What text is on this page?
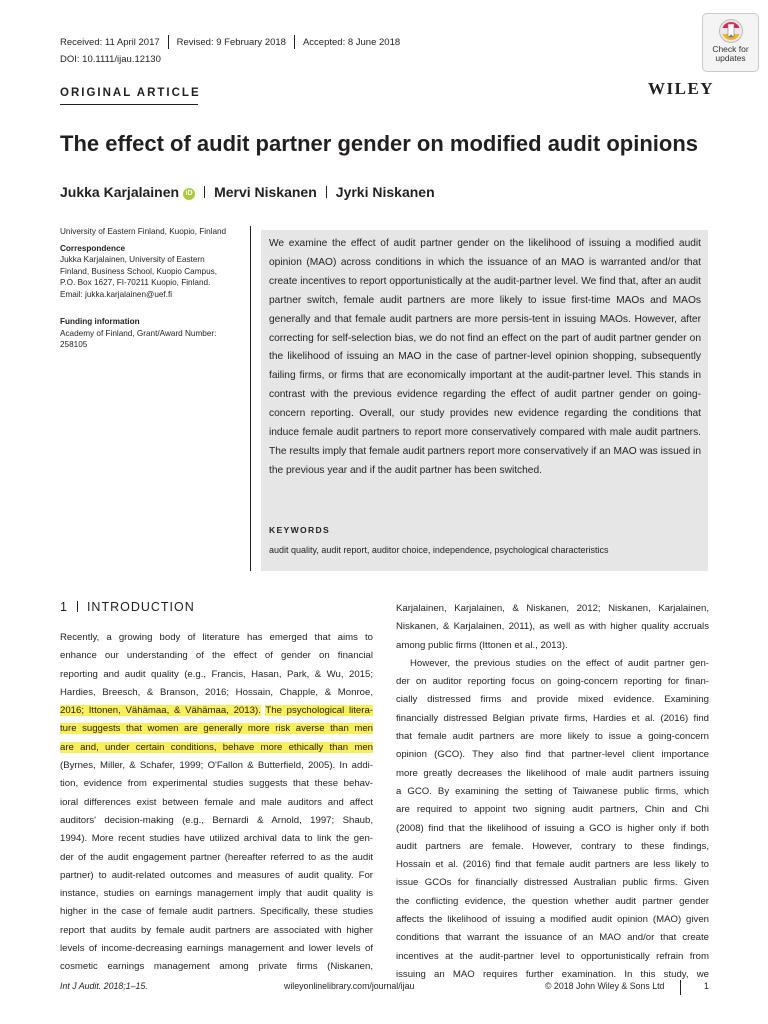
Received: 11 April 2017 Revised: 9 February 2018 Accepted: 8 June 2018
DOI: 10.1111/ijau.12130
Check for
updates
ORIGINAL ARTICLE	WILEY
The effect of audit partner gender on modified audit opinions
Jukka Karjalainen iD Mervi Niskanen Jyrki Niskanen
University of Eastern Finland, Kuopio, Finland
Correspondence
Jukka Karjalainen, University of Eastern
Finland, Business School, Kuopio Campus,
P.O. Box 1627, FI-70211 Kuopio, Finland.
Email: jukka.karjalainen@uef.fi
Funding information
Academy of Finland, Grant/Award Number:
258105

We examine the effect of audit partner gender on the likelihood of issuing a modified audit opinion (MAO) across conditions in which the issuance of an MAO is warranted and/or that create incentives to report opportunistically at the audit-partner level. We find that, after an audit partner switch, female audit partners are more likely to issue first-time MAOs and MAOs generally and that female audit partners are more persis-tent in issuing MAOs. However, after correcting for self-selection bias, we do not find an effect on the part of audit partner gender on the likelihood of issuing an MAO in the case of partner-level opinion shopping, subsequently failing firms, or firms that are economically important at the audit-partner level. This stands in contrast with the previous evidence regarding the effect of audit partner gender on going-concern reporting. Overall, our study provides new evidence regarding the conditions that induce female audit partners to report more conservatively compared with male audit partners. The results imply that female audit partners report more conservatively if an MAO was issued in the previous year and if the audit partner has been switched.

KEYWORDS
audit quality, audit report, auditor choice, independence, psychological characteristics
1 INTRODUCTION
Recently, a growing body of literature has emerged that aims to
enhance our understanding of the effect of gender on financial
reporting and audit quality (e.g., Francis, Hasan, Park, & Wu, 2015;
Hardies, Breesch, & Branson, 2016; Hossain, Chapple, & Monroe,
2016; Ittonen, Vähämaa, & Vähämaa, 2013). The psychological litera-
ture suggests that women are generally more risk averse than men
are and, under certain conditions, behave more ethically than men
(Byrnes, Miller, & Schafer, 1999; O'Fallon & Butterfield, 2005). In addi-
tion, evidence from experimental studies suggests that these behav-
ioral differences exist between female and male auditors and affect
auditors' decision-making (e.g., Bernardi & Arnold, 1997; Shaub,
1994). More recent studies have utilized archival data to link the gen-
der of the audit engagement partner (hereafter referred to as the audit
partner) to audit-related outcomes and measures of audit quality. For
instance, studies on earnings management imply that audit quality is
higher in the case of female audit partners. Specifically, these studies
report that audits by female audit partners are associated with higher
levels of income-decreasing earnings management and lower levels of
cosmetic earnings management among private firms (Niskanen,
Karjalainen, Karjalainen, & Niskanen, 2012; Niskanen, Karjalainen,
Niskanen, & Karjalainen, 2011), as well as with higher quality accruals
among public firms (Ittonen et al., 2013).
However, the previous studies on the effect of audit partner gen-
der on auditor reporting focus on going-concern reporting for finan-
cially distressed firms and provide mixed evidence. Examining
financially distressed Belgian private firms, Hardies et al. (2016) find
that female audit partners are more likely to issue a going-concern
opinion (GCO). They also find that partner-level client importance
more greatly decreases the likelihood of male audit partners issuing
a GCO. By examining the setting of Taiwanese public firms, which
are required to appoint two signing audit partners, Chin and Chi
(2008) find that the likelihood of issuing a GCO is higher only if both
audit partners are female. However, contrary to these findings,
Hossain et al. (2016) find that female audit partners are less likely to
issue GCOs for financially distressed Australian public firms. Given
the conflicting evidence, the question whether audit partner gender
affects the likelihood of issuing a modified audit opinion (MAO) given
conditions that warrant the issuance of an MAO and/or that create
incentives at the audit-partner level to opportunistically refrain from
issuing an MAO requires further examination. In this study, we
Int J Audit. 2018;1–15.	wileyonlinelibrary.com/journal/ijau	© 2018 John Wiley & Sons Ltd	1
